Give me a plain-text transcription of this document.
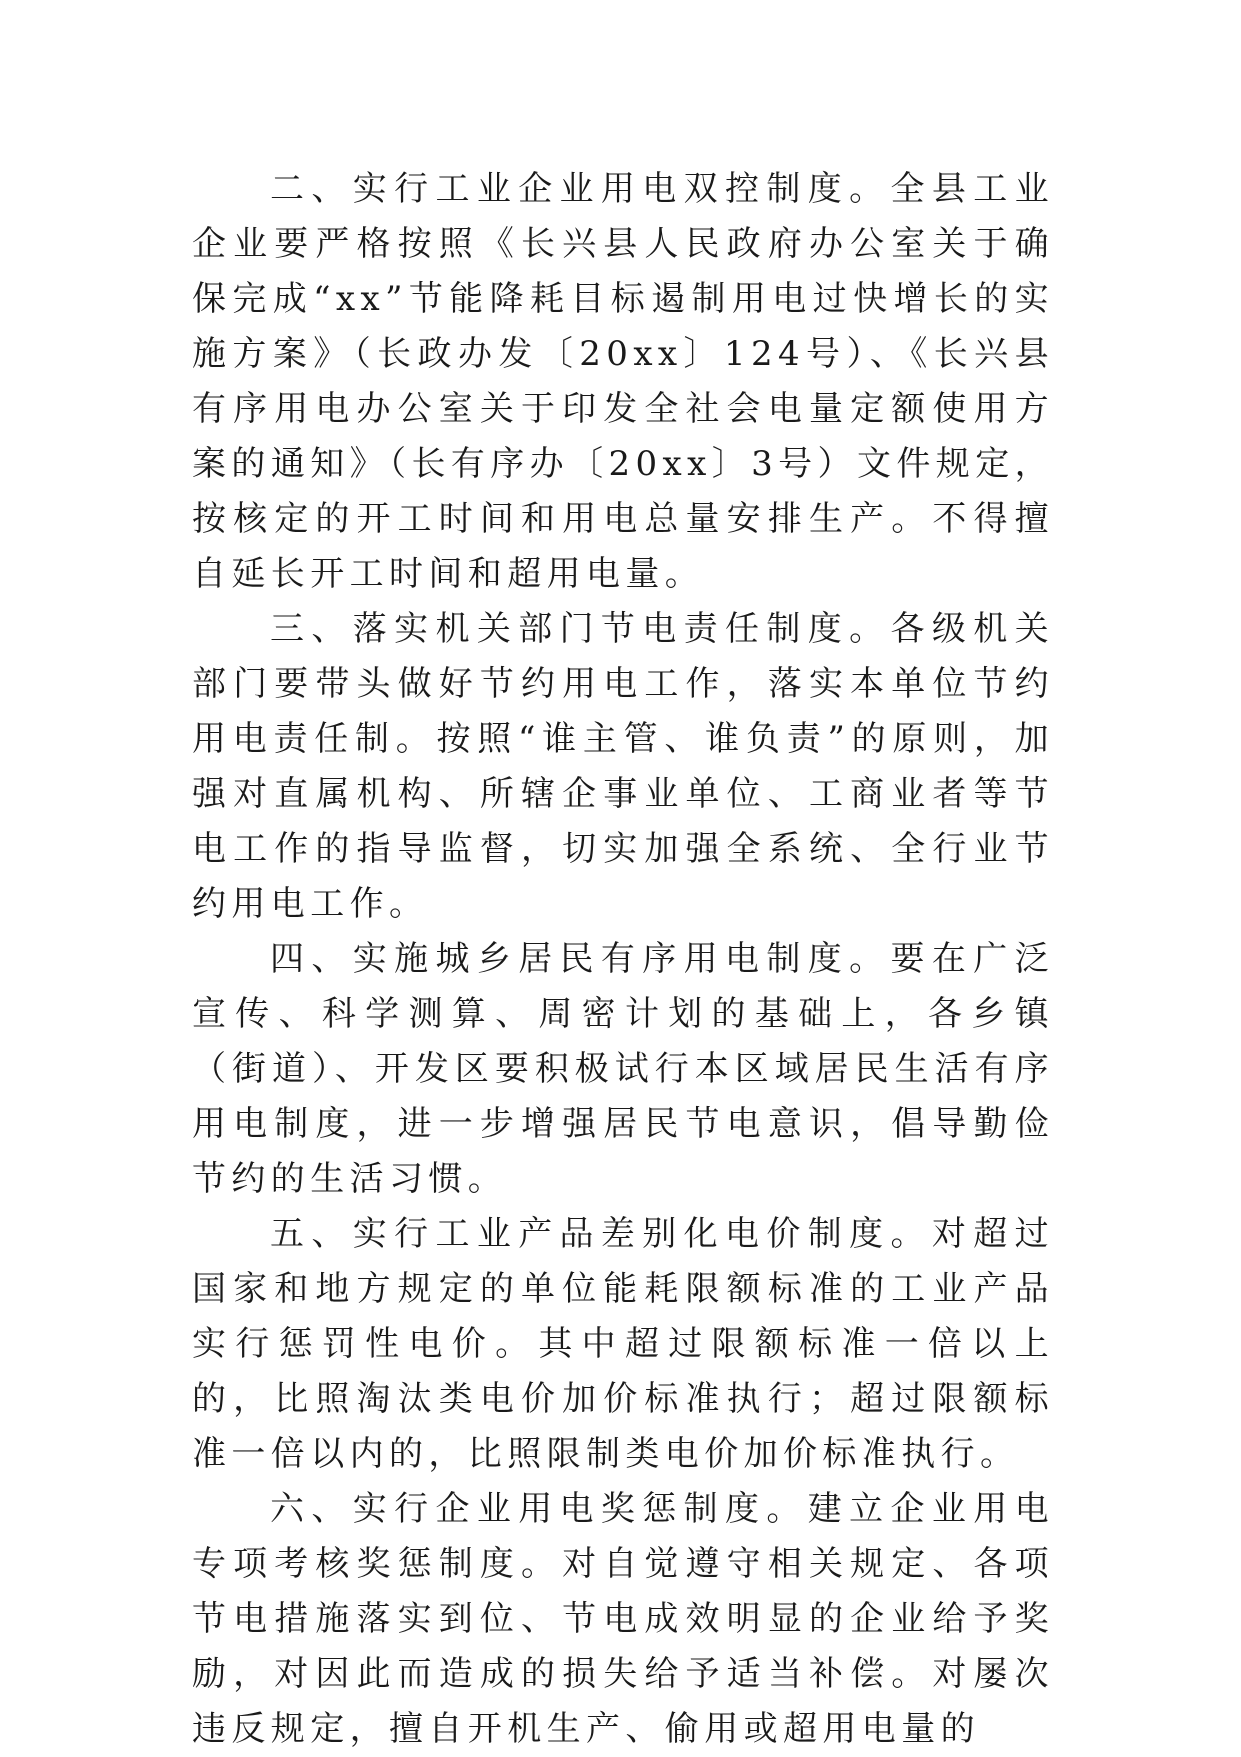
二、实行工业企业用电双控制度。全县工业企业要严格按照《长兴县人民政府办公室关于确保完成“xx”节能降耗目标遏制用电过快增长的实施方案》（长政办发〔20xx〕124号）、《长兴县有序用电办公室关于印发全社会电量定额使用方案的通知》（长有序办〔20xx〕3号）文件规定，按核定的开工时间和用电总量安排生产。不得擅自延长开工时间和超用电量。

三、落实机关部门节电责任制度。各级机关部门要带头做好节约用电工作，落实本单位节约用电责任制。按照“谁主管、谁负责”的原则，加强对直属机构、所辖企事业单位、工商业者等节电工作的指导监督，切实加强全系统、全行业节约用电工作。

四、实施城乡居民有序用电制度。要在广泛宣传、科学测算、周密计划的基础上，各乡镇（街道）、开发区要积极试行本区域居民生活有序用电制度，进一步增强居民节电意识，倡导勤俭节约的生活习惯。

五、实行工业产品差别化电价制度。对超过国家和地方规定的单位能耗限额标准的工业产品实行惩罚性电价。其中超过限额标准一倍以上的，比照淘汰类电价加价标准执行；超过限额标准一倍以内的，比照限制类电价加价标准执行。

六、实行企业用电奖惩制度。建立企业用电专项考核奖惩制度。对自觉遵守相关规定、各项节电措施落实到位、节电成效明显的企业给予奖励，对因此而造成的损失给予适当补偿。对屡次违反规定，擅自开机生产、偷用或超用电量的
